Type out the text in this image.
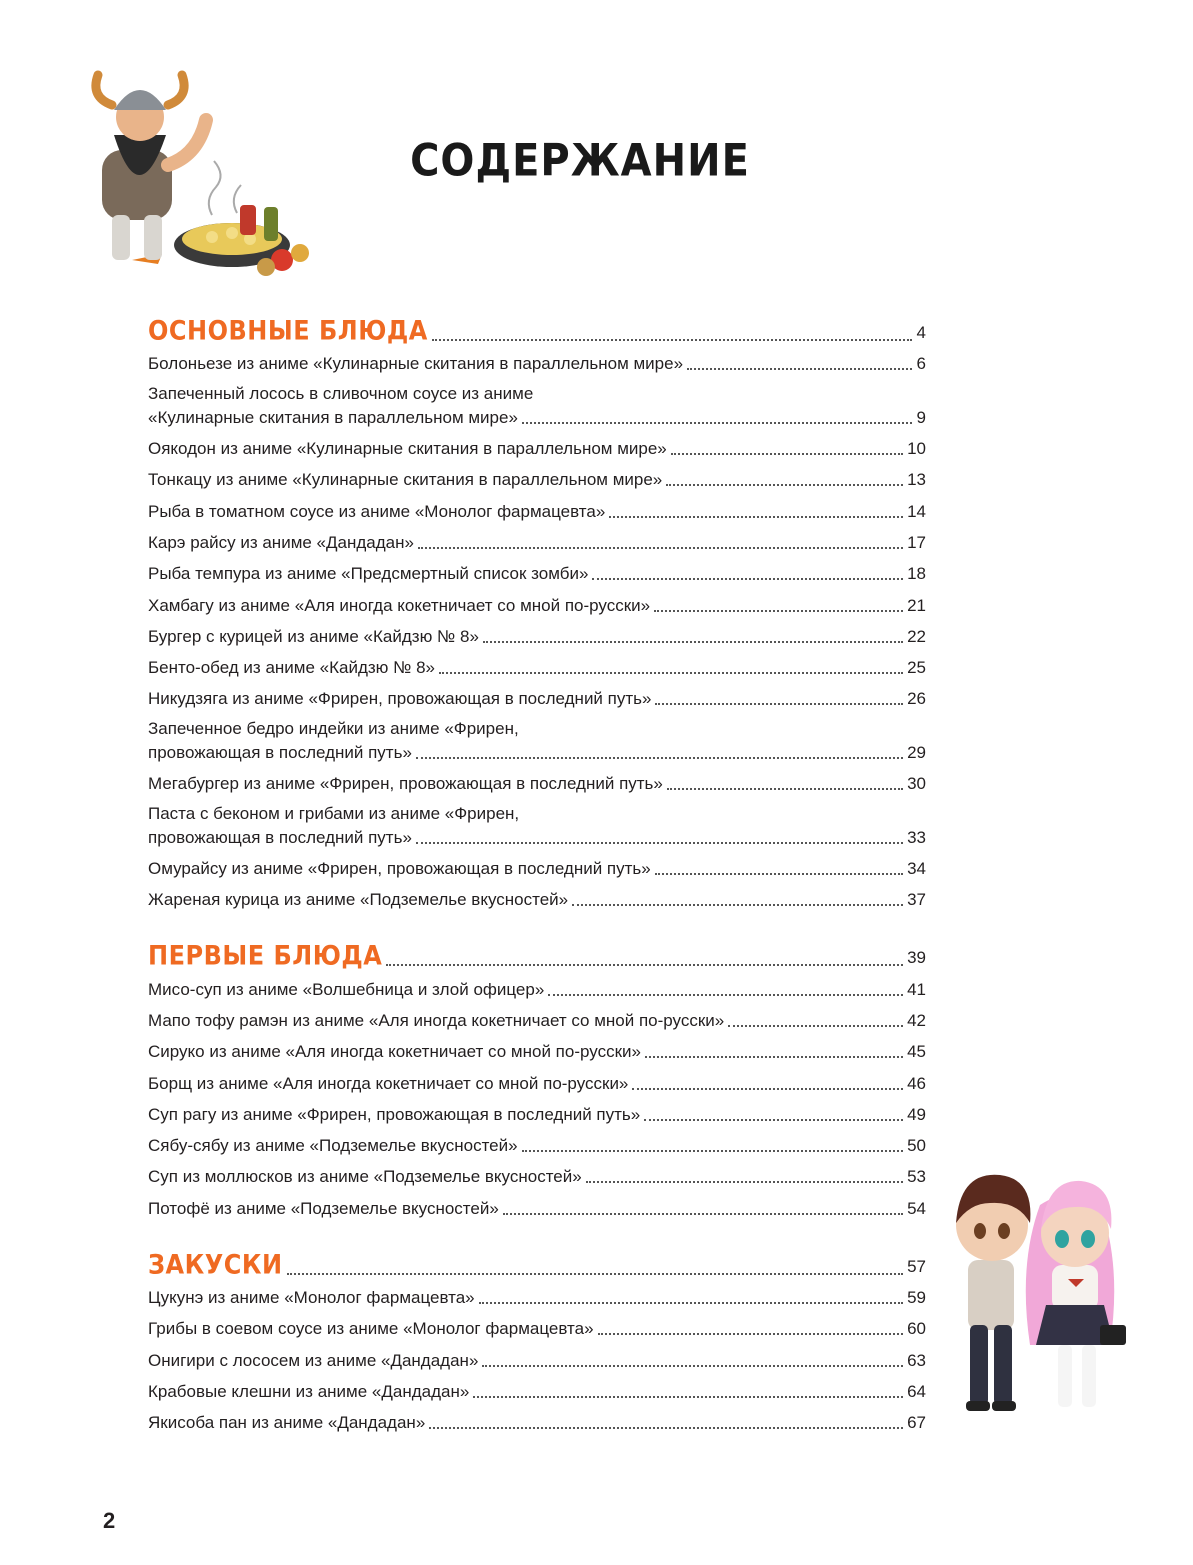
СОДЕРЖАНИЕ
ОСНОВНЫЕ БЛЮДА	4
Болоньезе из аниме «Кулинарные скитания в параллельном мире»	6
Запеченный лосось в сливочном соусе из аниме
«Кулинарные скитания в параллельном мире»	9
Оякодон из аниме «Кулинарные скитания в параллельном мире»	10
Тонкацу из аниме «Кулинарные скитания в параллельном мире»	13
Рыба в томатном соусе из аниме «Монолог фармацевта»	14
Карэ райсу из аниме «Дандадан»	17
Рыба темпура из аниме «Предсмертный список зомби»	18
Хамбагу из аниме «Аля иногда кокетничает со мной по-русски»	21
Бургер с курицей из аниме «Кайдзю № 8»	22
Бенто-обед из аниме «Кайдзю № 8»	25
Никудзяга из аниме «Фрирен, провожающая в последний путь»	26
Запеченное бедро индейки из аниме «Фрирен,
провожающая в последний путь»	29
Мегабургер из аниме «Фрирен, провожающая в последний путь»	30
Паста с беконом и грибами из аниме «Фрирен,
провожающая в последний путь»	33
Омурайсу из аниме «Фрирен, провожающая в последний путь»	34
Жареная курица из аниме «Подземелье вкусностей»	37
ПЕРВЫЕ БЛЮДА	39
Мисо-суп из аниме «Волшебница и злой офицер»	41
Мапо тофу рамэн из аниме «Аля иногда кокетничает со мной по-русски»	42
Сируко из аниме «Аля иногда кокетничает со мной по-русски»	45
Борщ из аниме «Аля иногда кокетничает со мной по-русски»	46
Суп рагу из аниме «Фрирен, провожающая в последний путь»	49
Сябу-сябу из аниме «Подземелье вкусностей»	50
Суп из моллюсков из аниме «Подземелье вкусностей»	53
Потофё из аниме «Подземелье вкусностей»	54
ЗАКУСКИ	57
Цукунэ из аниме «Монолог фармацевта»	59
Грибы в соевом соусе из аниме «Монолог фармацевта»	60
Онигири с лососем из аниме «Дандадан»	63
Крабовые клешни из аниме «Дандадан»	64
Якисоба пан из аниме «Дандадан»	67
2
